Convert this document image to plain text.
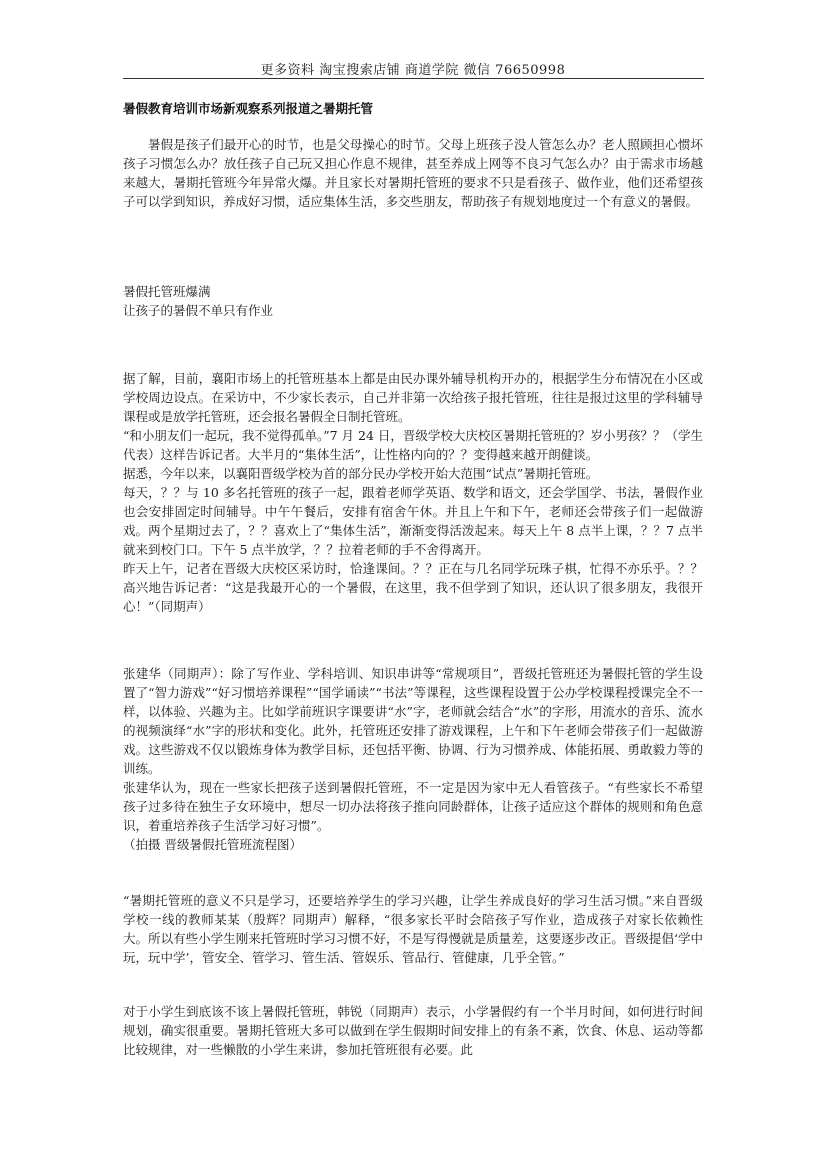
更多资料 淘宝搜索店铺 商道学院 微信 76650998
暑假教育培训市场新观察系列报道之暑期托管

暑假是孩子们最开心的时节，也是父母操心的时节。父母上班孩子没人管怎么办？老人照顾担心惯坏孩子习惯怎么办？放任孩子自己玩又担心作息不规律，甚至养成上网等不良习气怎么办？由于需求市场越来越大，暑期托管班今年异常火爆。并且家长对暑期托管班的要求不只是看孩子、做作业，他们还希望孩子可以学到知识，养成好习惯，适应集体生活，多交些朋友，帮助孩子有规划地度过一个有意义的暑假。

暑假托管班爆满

让孩子的暑假不单只有作业

据了解，目前，襄阳市场上的托管班基本上都是由民办课外辅导机构开办的，根据学生分布情况在小区或学校周边设点。在采访中，不少家长表示，自己并非第一次给孩子报托管班，往往是报过这里的学科辅导课程或是放学托管班，还会报名暑假全日制托管班。

“和小朋友们一起玩，我不觉得孤单。”7 月 24 日，晋级学校大庆校区暑期托管班的？岁小男孩？？（学生代表）这样告诉记者。大半月的“集体生活”，让性格内向的？？变得越来越开朗健谈。

据悉，今年以来，以襄阳晋级学校为首的部分民办学校开始大范围“试点”暑期托管班。

每天，？？与 10 多名托管班的孩子一起，跟着老师学英语、数学和语文，还会学国学、书法，暑假作业也会安排固定时间辅导。中午午餐后，安排有宿舍午休。并且上午和下午，老师还会带孩子们一起做游戏。两个星期过去了，？？喜欢上了“集体生活”，渐渐变得活泼起来。每天上午 8 点半上课，？？7 点半就来到校门口。下午 5 点半放学，？？拉着老师的手不舍得离开。

昨天上午，记者在晋级大庆校区采访时，恰逢课间。？？正在与几名同学玩珠子棋，忙得不亦乐乎。？？高兴地告诉记者：“这是我最开心的一个暑假，在这里，我不但学到了知识，还认识了很多朋友，我很开心！”（同期声）

张建华（同期声）：除了写作业、学科培训、知识串讲等“常规项目”，晋级托管班还为暑假托管的学生设置了“智力游戏”“好习惯培养课程”“国学诵读”“书法”等课程，这些课程设置于公办学校课程授课完全不一样，以体验、兴趣为主。比如学前班识字课要讲“水”字，老师就会结合“水”的字形，用流水的音乐、流水的视频演绎“水”字的形状和变化。此外，托管班还安排了游戏课程，上午和下午老师会带孩子们一起做游戏。这些游戏不仅以锻炼身体为教学目标，还包括平衡、协调、行为习惯养成、体能拓展、勇敢毅力等的训练。

张建华认为，现在一些家长把孩子送到暑假托管班，不一定是因为家中无人看管孩子。“有些家长不希望孩子过多待在独生子女环境中，想尽一切办法将孩子推向同龄群体，让孩子适应这个群体的规则和角色意识，着重培养孩子生活学习好习惯”。

（拍摄 晋级暑假托管班流程图）

“暑期托管班的意义不只是学习，还要培养学生的学习兴趣，让学生养成良好的学习生活习惯。”来自晋级学校一线的教师某某（殷辉？同期声）解释，“很多家长平时会陪孩子写作业，造成孩子对家长依赖性大。所以有些小学生刚来托管班时学习习惯不好，不是写得慢就是质量差，这要逐步改正。晋级提倡‘学中玩，玩中学’，管安全、管学习、管生活、管娱乐、管品行、管健康，几乎全管。”

对于小学生到底该不该上暑假托管班，韩锐（同期声）表示，小学暑假约有一个半月时间，如何进行时间规划，确实很重要。暑期托管班大多可以做到在学生假期时间安排上的有条不紊，饮食、休息、运动等都比较规律，对一些懒散的小学生来讲，参加托管班很有必要。此
